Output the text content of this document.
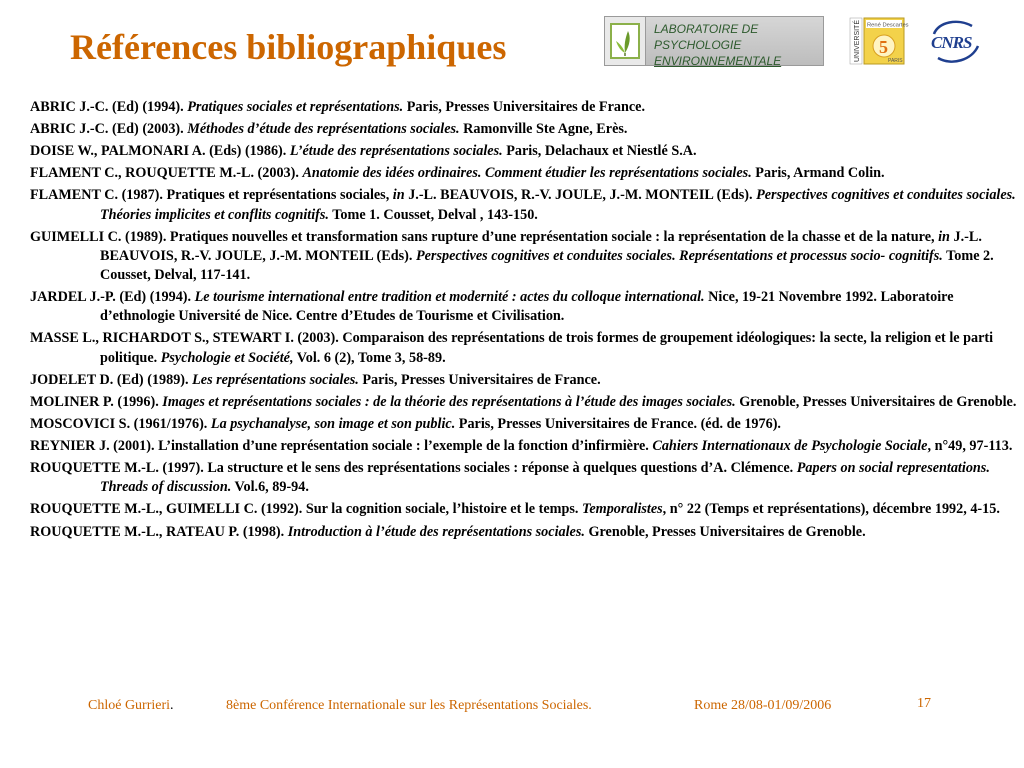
Références bibliographiques	LABORATOIRE DE PSYCHOLOGIE
ENVIRONNEMENTALE	UNIVERSITÉ René Descartes
5
PARIS
CNRS

ABRIC J.-C. (Ed) (1994). Pratiques sociales et représentations. Paris, Presses Universitaires de France.

ABRIC J.-C. (Ed) (2003). Méthodes d’étude des représentations sociales. Ramonville Ste Agne, Erès.

DOISE W., PALMONARI A. (Eds) (1986). L’étude des représentations sociales. Paris, Delachaux et Niestlé S.A.

FLAMENT C., ROUQUETTE M.-L. (2003). Anatomie des idées ordinaires. Comment étudier les représentations sociales. Paris, Armand Colin.

FLAMENT C. (1987). Pratiques et représentations sociales, in J.-L. BEAUVOIS, R.-V. JOULE, J.-M. MONTEIL (Eds). Perspectives cognitives et conduites sociales. Théories implicites et conflits cognitifs. Tome 1. Cousset, Delval , 143-150.

GUIMELLI C. (1989). Pratiques nouvelles et transformation sans rupture d’une représentation sociale : la représentation de la chasse et de la nature, in J.-L. BEAUVOIS, R.-V. JOULE, J.-M. MONTEIL (Eds). Perspectives cognitives et conduites sociales. Représentations et processus socio- cognitifs. Tome 2. Cousset, Delval, 117-141.

JARDEL J.-P. (Ed) (1994). Le tourisme international entre tradition et modernité : actes du colloque international. Nice, 19-21 Novembre 1992. Laboratoire d’ethnologie Université de Nice. Centre d’Etudes de Tourisme et Civilisation.

MASSE L., RICHARDOT S., STEWART I. (2003). Comparaison des représentations de trois formes de groupement idéologiques: la secte, la religion et le parti politique. Psychologie et Société, Vol. 6 (2), Tome 3, 58-89.

JODELET D. (Ed) (1989). Les représentations sociales. Paris, Presses Universitaires de France.

MOLINER P. (1996). Images et représentations sociales : de la théorie des représentations à l’étude des images sociales. Grenoble, Presses Universitaires de Grenoble.

MOSCOVICI S. (1961/1976). La psychanalyse, son image et son public. Paris, Presses Universitaires de France. (éd. de 1976).

REYNIER J. (2001). L’installation d’une représentation sociale : l’exemple de la fonction d’infirmière. Cahiers Internationaux de Psychologie Sociale, n°49, 97-113.

ROUQUETTE M.-L. (1997). La structure et le sens des représentations sociales : réponse à quelques questions d’A. Clémence. Papers on social representations. Threads of discussion. Vol.6, 89-94.

ROUQUETTE M.-L., GUIMELLI C. (1992). Sur la cognition sociale, l’histoire et le temps. Temporalistes, n° 22 (Temps et représentations), décembre 1992, 4-15.

ROUQUETTE M.-L., RATEAU P. (1998). Introduction à l’étude des représentations sociales. Grenoble, Presses Universitaires de Grenoble.

Chloé Gurrieri.	8ème Conférence Internationale sur les Représentations Sociales.	Rome 28/08-01/09/2006	17
